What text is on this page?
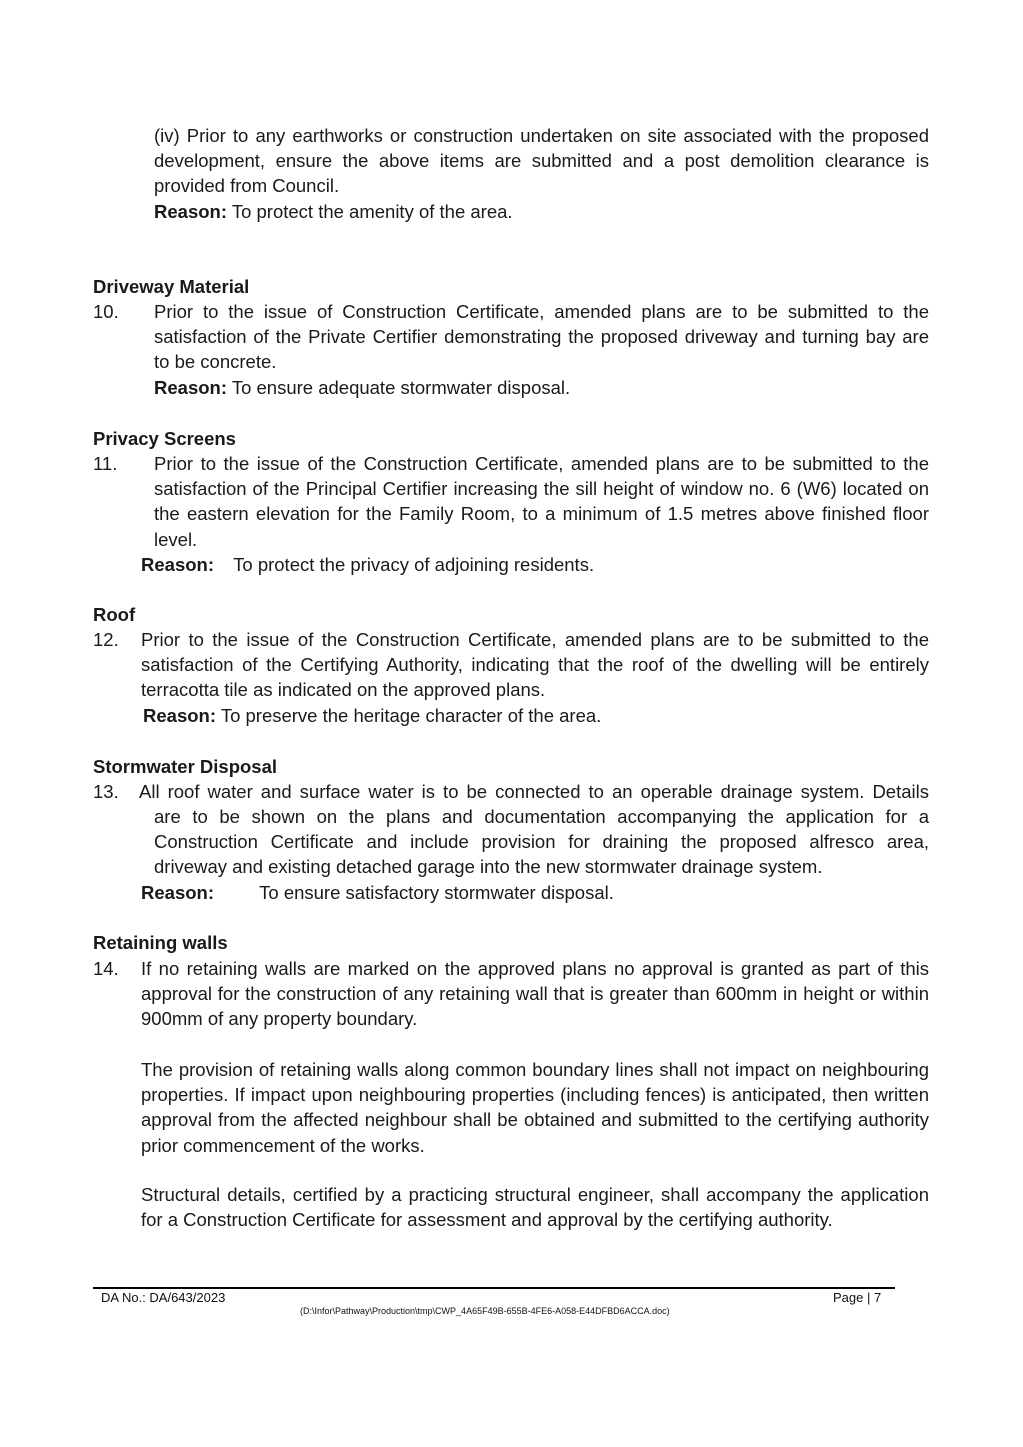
(iv) Prior to any earthworks or construction undertaken on site associated with the proposed development, ensure the above items are submitted and a post demolition clearance is provided from Council.
Reason: To protect the amenity of the area.
Driveway Material
10. Prior to the issue of Construction Certificate, amended plans are to be submitted to the satisfaction of the Private Certifier demonstrating the proposed driveway and turning bay are to be concrete.
Reason: To ensure adequate stormwater disposal.
Privacy Screens
11. Prior to the issue of the Construction Certificate, amended plans are to be submitted to the satisfaction of the Principal Certifier increasing the sill height of window no. 6 (W6) located on the eastern elevation for the Family Room, to a minimum of 1.5 metres above finished floor level.
Reason: To protect the privacy of adjoining residents.
Roof
12. Prior to the issue of the Construction Certificate, amended plans are to be submitted to the satisfaction of the Certifying Authority, indicating that the roof of the dwelling will be entirely terracotta tile as indicated on the approved plans.
Reason: To preserve the heritage character of the area.
Stormwater Disposal
13. All roof water and surface water is to be connected to an operable drainage system. Details
are to be shown on the plans and documentation accompanying the application for a Construction Certificate and include provision for draining the proposed alfresco area, driveway and existing detached garage into the new stormwater drainage system.
Reason: To ensure satisfactory stormwater disposal.
Retaining walls
14. If no retaining walls are marked on the approved plans no approval is granted as part of this approval for the construction of any retaining wall that is greater than 600mm in height or within 900mm of any property boundary.
The provision of retaining walls along common boundary lines shall not impact on neighbouring properties. If impact upon neighbouring properties (including fences) is anticipated, then written approval from the affected neighbour shall be obtained and submitted to the certifying authority prior commencement of the works.
Structural details, certified by a practicing structural engineer, shall accompany the application for a Construction Certificate for assessment and approval by the certifying authority.
DA No.: DA/643/2023	Page | 7
(D:\Infor\Pathway\Production\tmp\CWP_4A65F49B-655B-4FE6-A058-E44DFBD6ACCA.doc)
